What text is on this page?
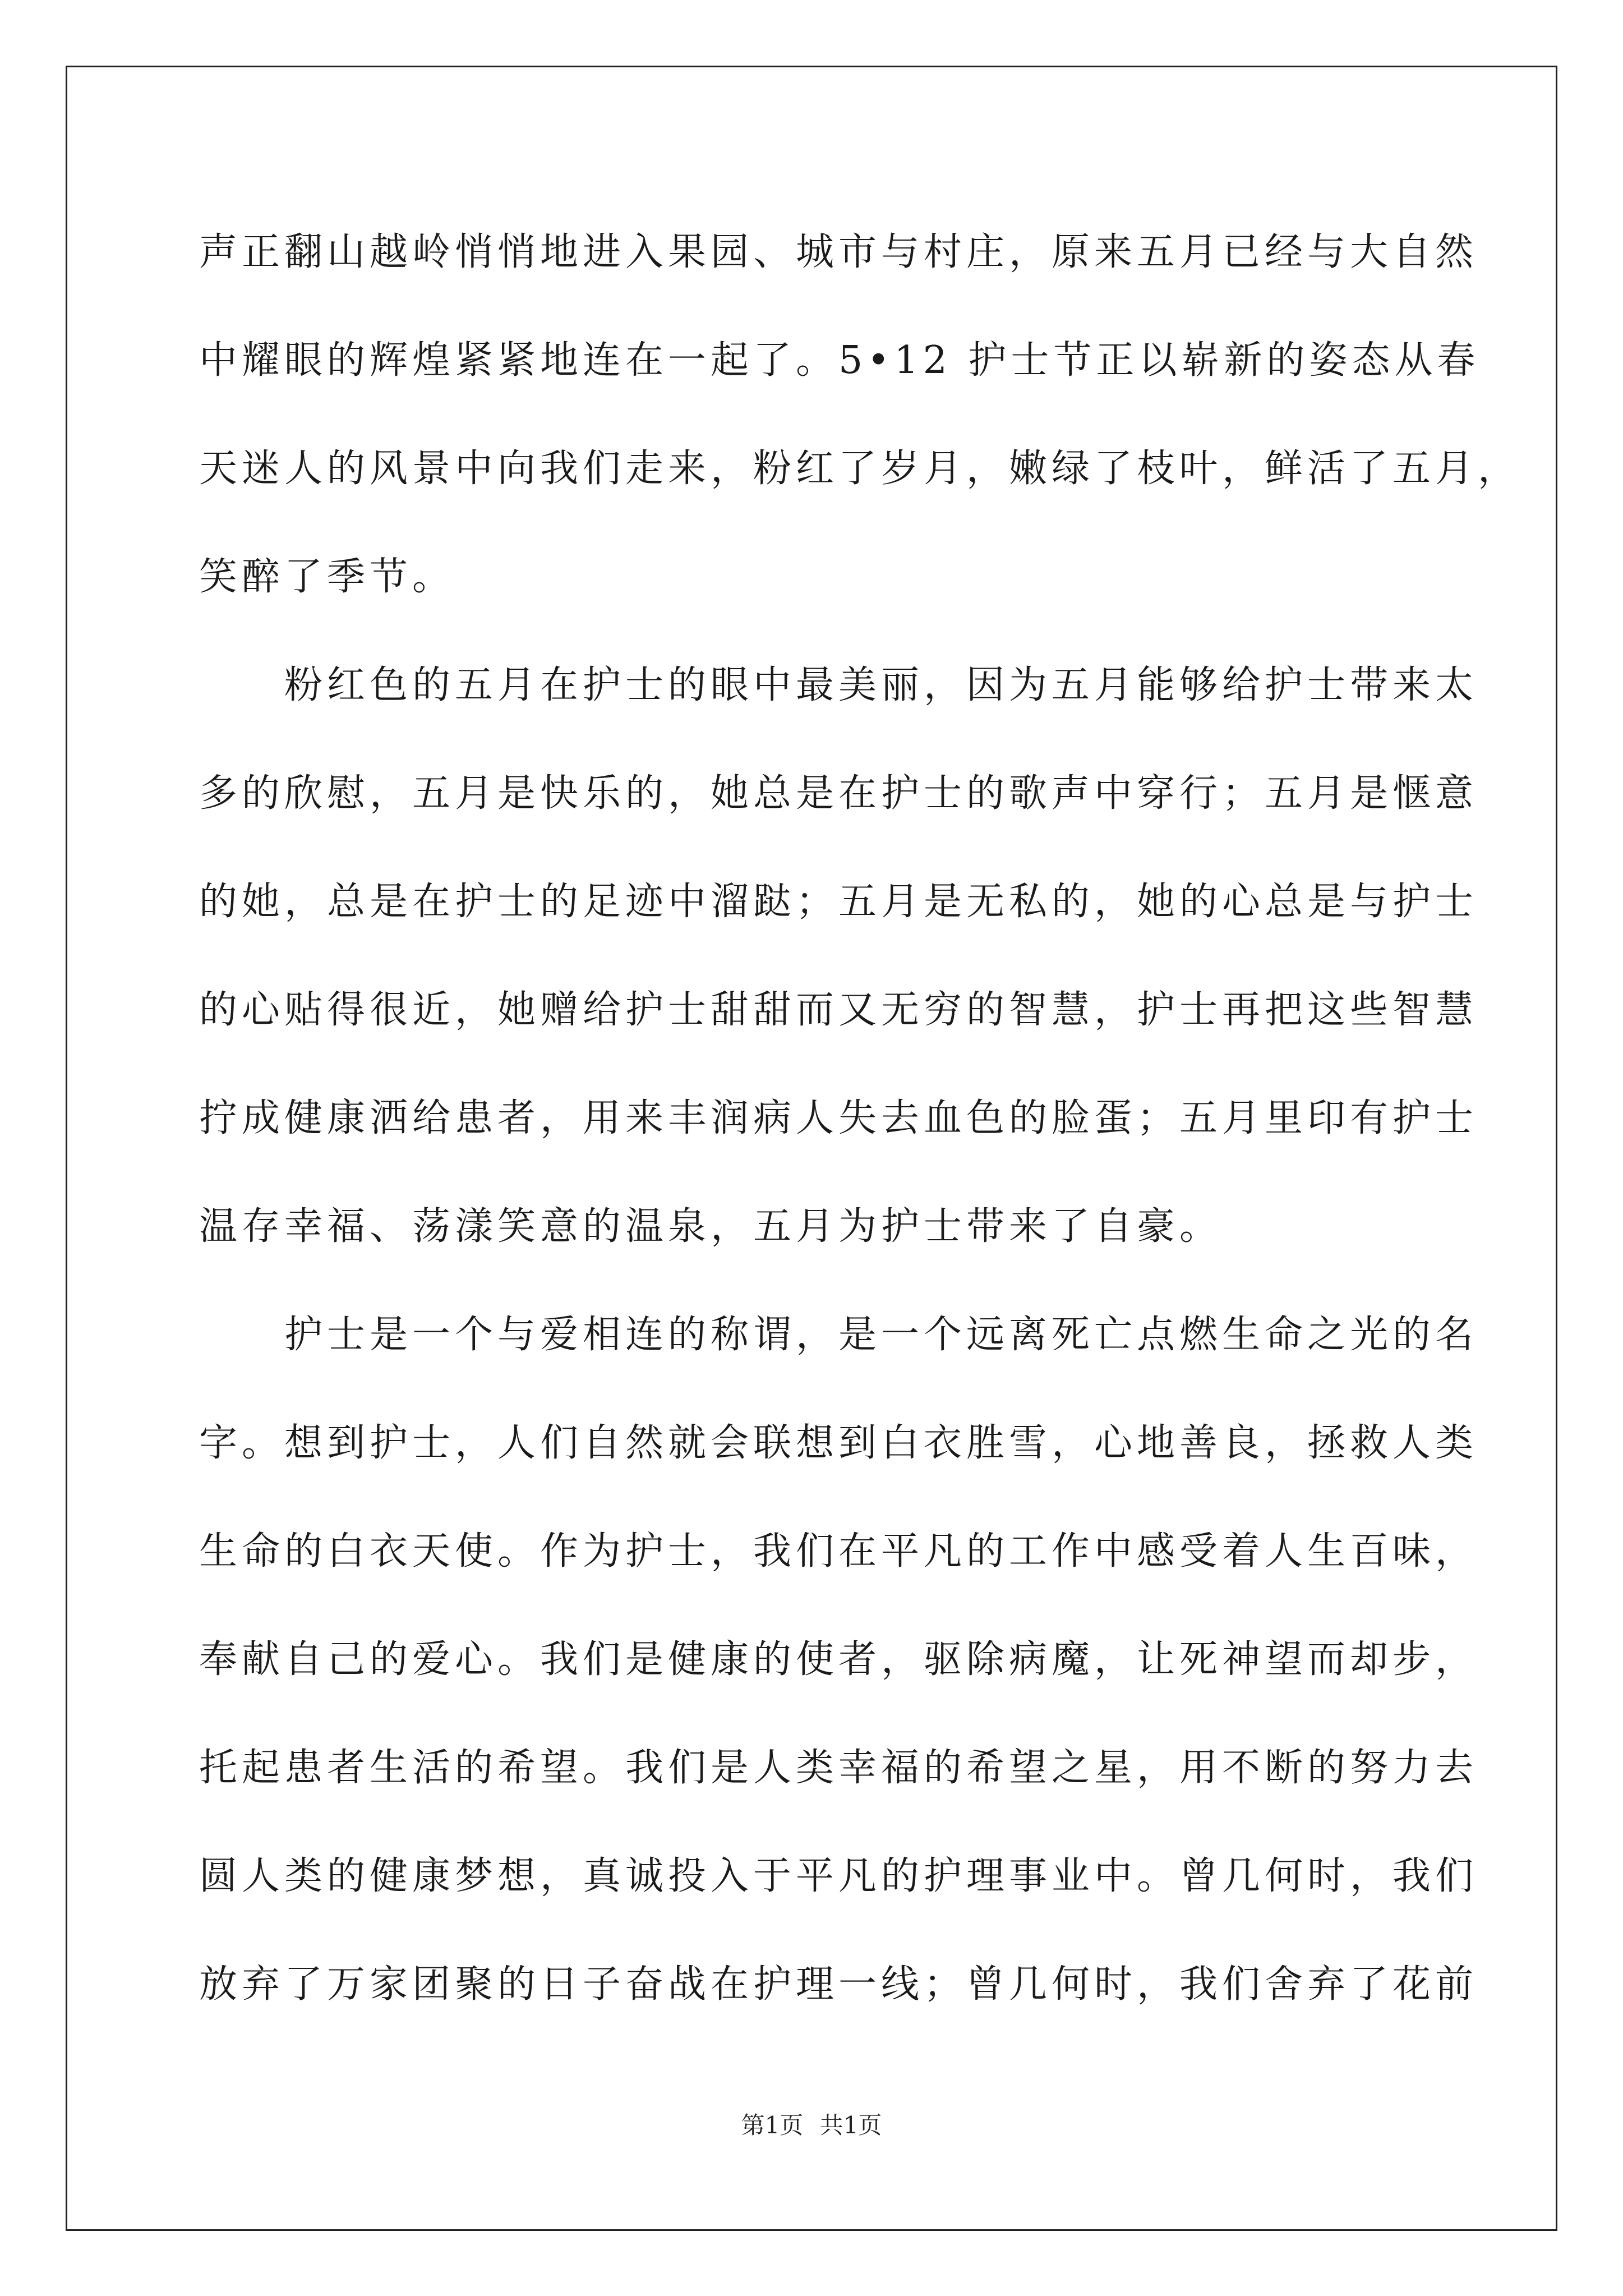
声正翻山越岭悄悄地进入果园、城市与村庄，原来五月已经与大自然
中耀眼的辉煌紧紧地连在一起了。5•12 护士节正以崭新的姿态从春
天迷人的风景中向我们走来，粉红了岁月，嫩绿了枝叶，鲜活了五月，
笑醉了季节。
　　粉红色的五月在护士的眼中最美丽，因为五月能够给护士带来太
多的欣慰，五月是快乐的，她总是在护士的歌声中穿行；五月是惬意
的她，总是在护士的足迹中溜跶；五月是无私的，她的心总是与护士
的心贴得很近，她赠给护士甜甜而又无穷的智慧，护士再把这些智慧
拧成健康洒给患者，用来丰润病人失去血色的脸蛋；五月里印有护士
温存幸福、荡漾笑意的温泉，五月为护士带来了自豪。
　　护士是一个与爱相连的称谓，是一个远离死亡点燃生命之光的名
字。想到护士，人们自然就会联想到白衣胜雪，心地善良，拯救人类
生命的白衣天使。作为护士，我们在平凡的工作中感受着人生百味，
奉献自己的爱心。我们是健康的使者，驱除病魔，让死神望而却步，
托起患者生活的希望。我们是人类幸福的希望之星，用不断的努力去
圆人类的健康梦想，真诚投入于平凡的护理事业中。曾几何时，我们
放弃了万家团聚的日子奋战在护理一线；曾几何时，我们舍弃了花前
第1页 共1页
